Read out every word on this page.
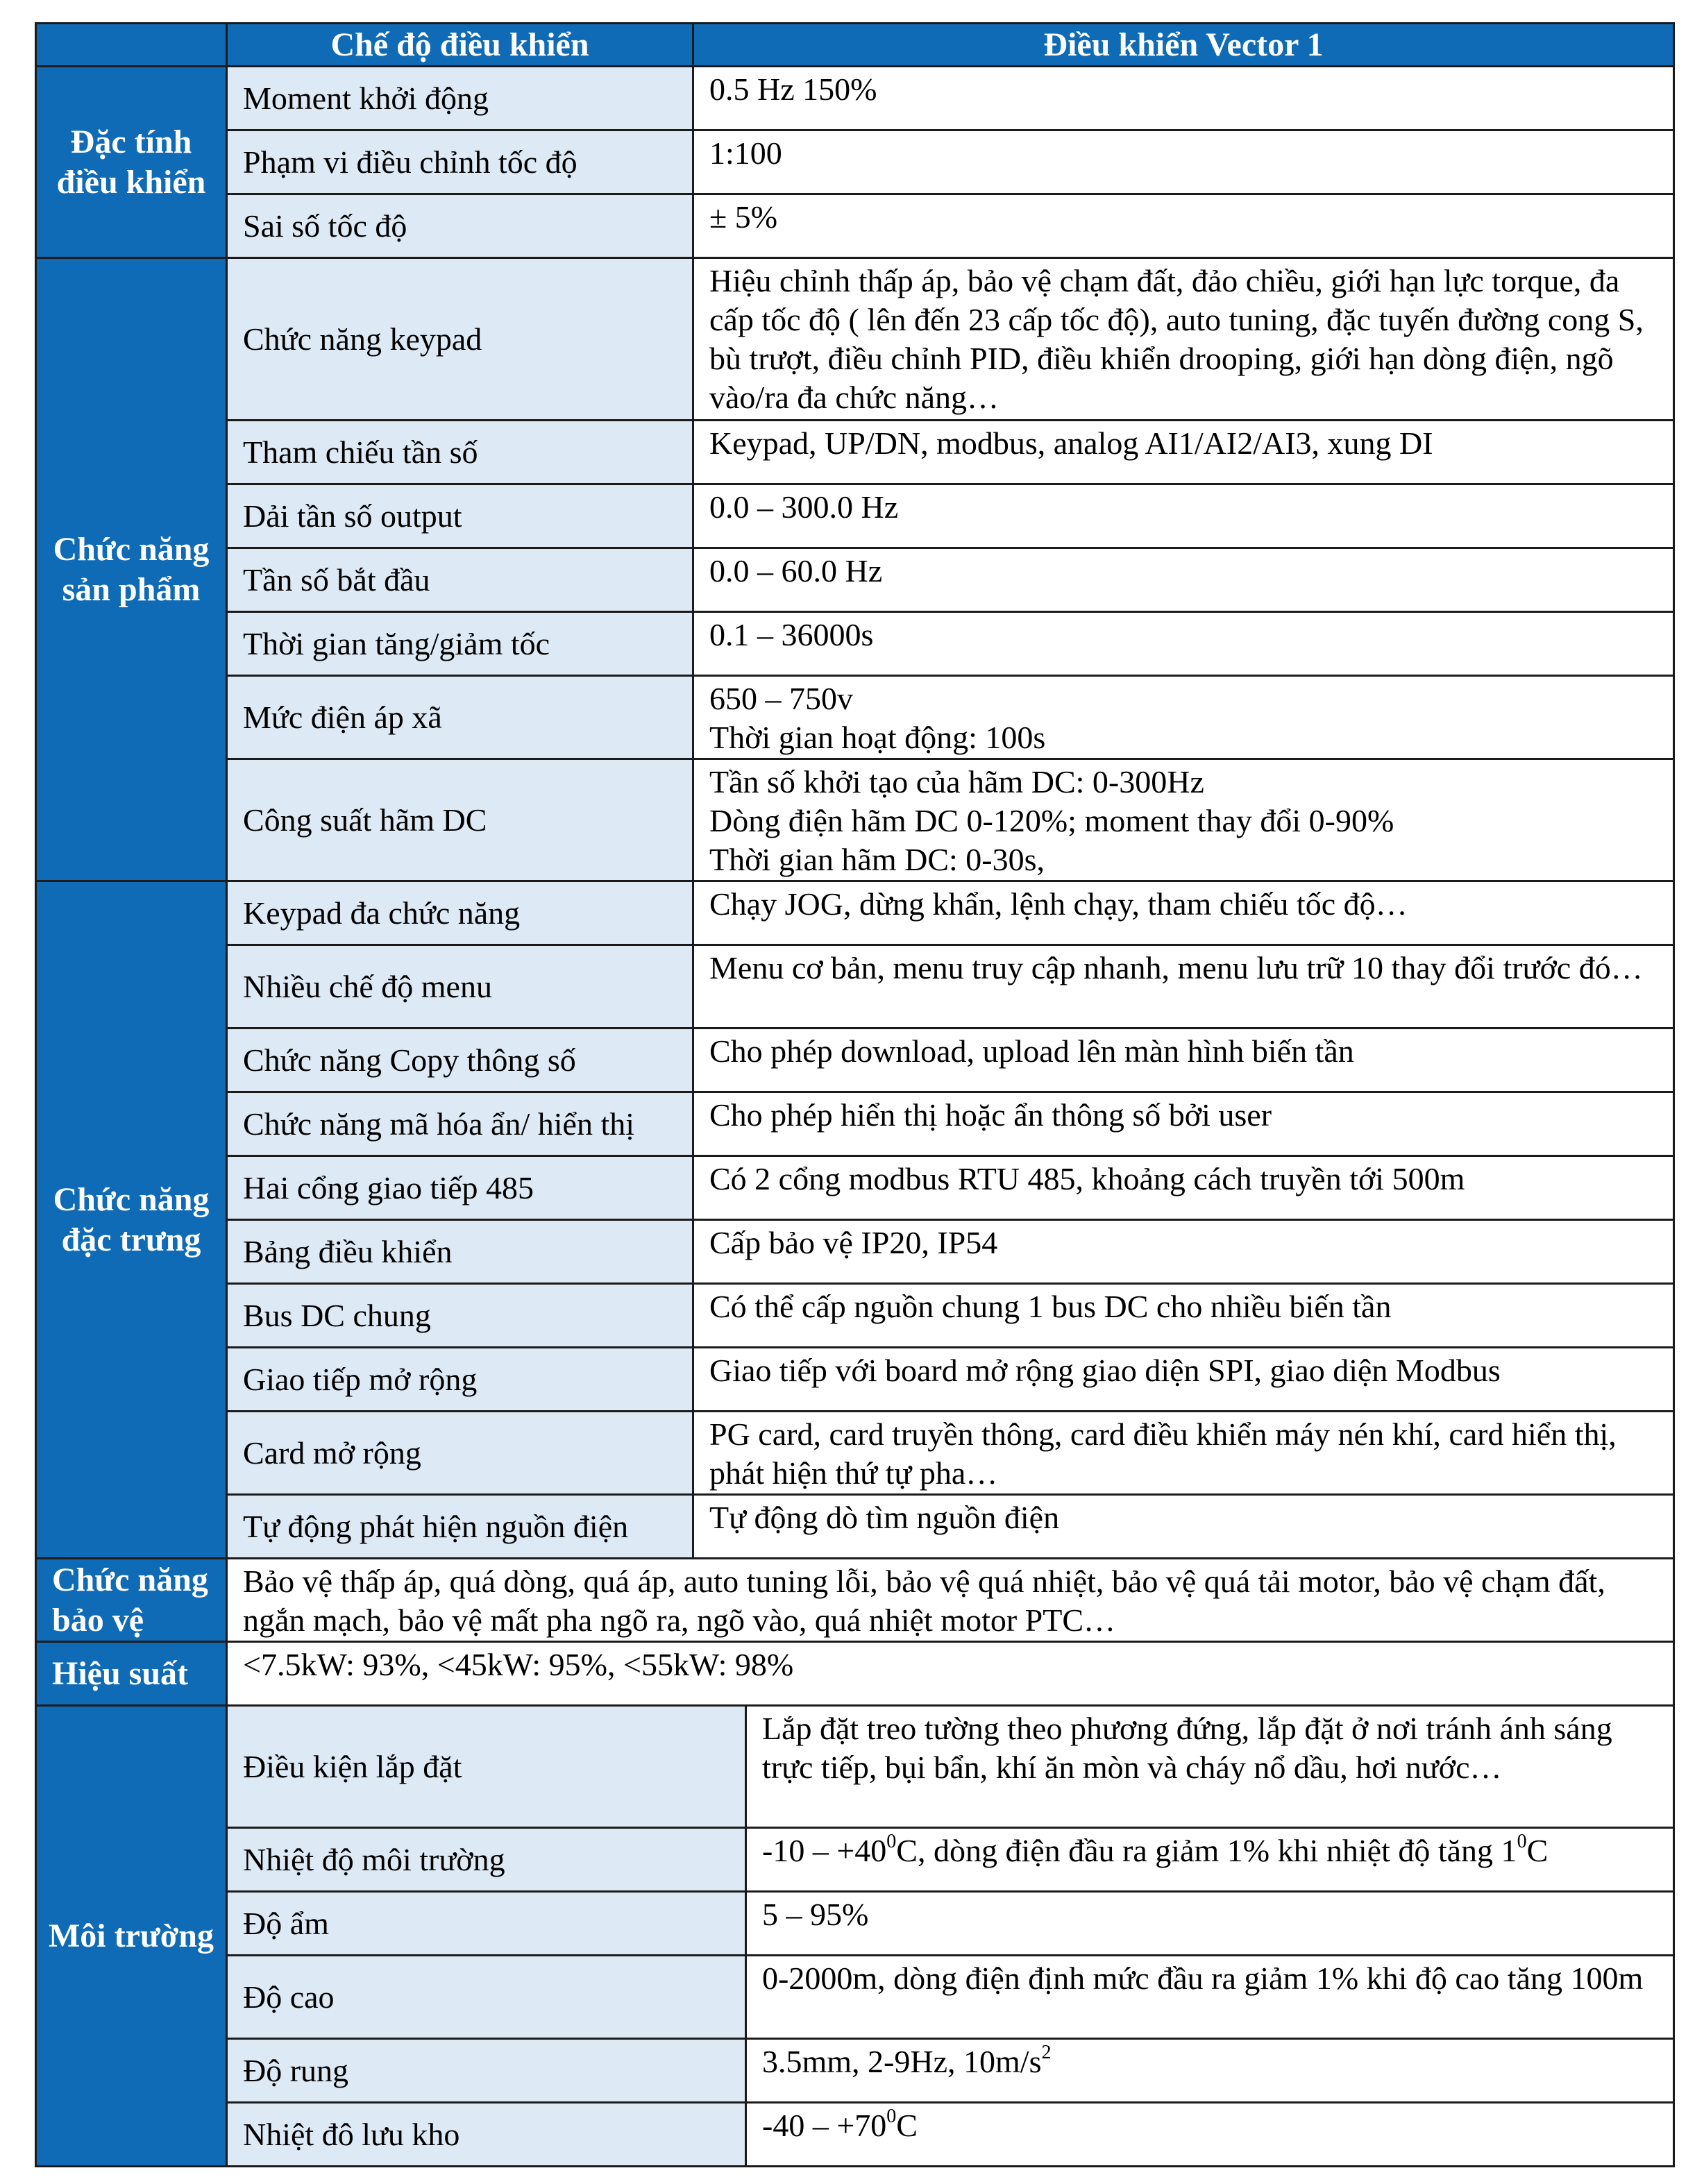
	Chế độ điều khiển	Điều khiển Vector 1	
Đặc tính điều khiển	Moment khởi động	0.5 Hz 150%	
	Phạm vi điều chỉnh tốc độ	1:100	
	Sai số tốc độ	± 5%	
Chức năng sản phẩm	Chức năng keypad	Hiệu chỉnh thấp áp, bảo vệ chạm đất, đảo chiều, giới hạn lực torque, đa cấp tốc độ ( lên đến 23 cấp tốc độ), auto tuning, đặc tuyến đường cong S, bù trượt, điều chỉnh PID, điều khiển drooping, giới hạn dòng điện, ngõ vào/ra đa chức năng…	
	Tham chiếu tần số	Keypad, UP/DN, modbus, analog AI1/AI2/AI3, xung DI	
	Dải tần số output	0.0 – 300.0 Hz	
	Tần số bắt đầu	0.0 – 60.0 Hz	
	Thời gian tăng/giảm tốc	0.1 – 36000s	
	Mức điện áp xã	650 – 750v
Thời gian hoạt động: 100s	

	Công suất hãm DC	Tần số khởi tạo của hãm DC: 0-300Hz
Dòng điện hãm DC 0-120%; moment thay đổi 0-90%
Thời gian hãm DC: 0-30s,	

Chức năng đặc trưng	Keypad đa chức năng	Chạy JOG, dừng khẩn, lệnh chạy, tham chiếu tốc độ…	
	Nhiều chế độ menu	Menu cơ bản, menu truy cập nhanh, menu lưu trữ 10 thay đổi trước đó…	
	Chức năng Copy thông số	Cho phép download, upload lên màn hình biến tần	
	Chức năng mã hóa ẩn/ hiển thị	Cho phép hiển thị hoặc ẩn thông số bởi user	
	Hai cổng giao tiếp 485	Có 2 cổng modbus RTU 485, khoảng cách truyền tới 500m	
	Bảng điều khiển	Cấp bảo vệ IP20, IP54	
	Bus DC chung	Có thể cấp nguồn chung 1 bus DC cho nhiều biến tần	
	Giao tiếp mở rộng	Giao tiếp với board mở rộng giao diện SPI, giao diện Modbus	
	Card mở rộng	PG card, card truyền thông, card điều khiển máy nén khí, card hiển thị, phát hiện thứ tự pha…	
	Tự động phát hiện nguồn điện	Tự động dò tìm nguồn điện	
Chức năng bảo vệ	Bảo vệ thấp áp, quá dòng, quá áp, auto tuning lỗi, bảo vệ quá nhiệt, bảo vệ quá tải motor, bảo vệ chạm đất, ngắn mạch, bảo vệ mất pha ngõ ra, ngõ vào, quá nhiệt motor PTC…		
Hiệu suất	<7.5kW: 93%, <45kW: 95%, <55kW: 98%		
Môi trường	Điều kiện lắp đặt		Lắp đặt treo tường theo phương đứng, lắp đặt ở nơi tránh ánh sáng trực tiếp, bụi bẩn, khí ăn mòn và cháy nổ dầu, hơi nước…
	Nhiệt độ môi trường		$-10 - +40^0C$, dòng điện đầu ra giảm 1% khi nhiệt độ tăng $1^0C$
	Độ ẩm		5 – 95%
	Độ cao		0-2000m, dòng điện định mức đầu ra giảm 1% khi độ cao tăng 100m
	Độ rung		3.5mm, 2-9Hz, $10m/s^2$
	Nhiệt đô lưu kho		$-40 - +70^0C$
